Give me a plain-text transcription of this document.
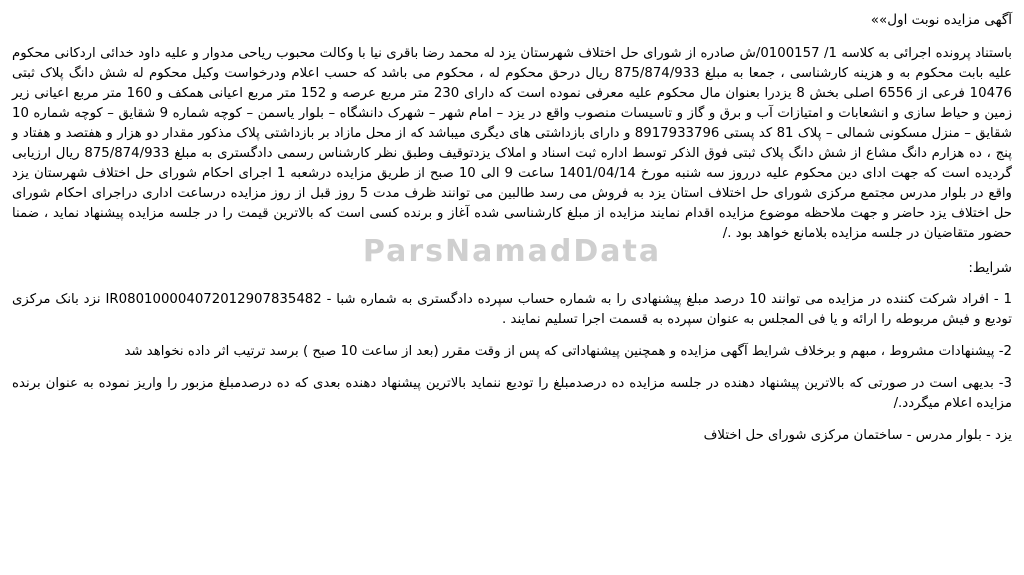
ParsNamadData

آگهی مزایده نوبت اول»»

باستناد پرونده اجرائی به کلاسه 1/ 0100157/ش صادره از شورای حل اختلاف شهرستان یزد له محمد رضا باقری نیا با وکالت محبوب ریاحی مدوار و علیه داود خدائی اردکانی محکوم علیه بابت محکوم به و هزینه کارشناسی ، جمعا به مبلغ 875/874/933 ریال درحق محکوم له ، محکوم می باشد که حسب اعلام ودرخواست وکیل محکوم له شش دانگ پلاک ثبتی 10476 فرعی از 6556 اصلی بخش 8 یزدرا بعنوان مال محکوم علیه معرفی نموده است که دارای 230 متر مربع عرصه و 152 متر مربع اعیانی همکف و 160 متر مربع اعیانی زیر زمین و حیاط سازی و انشعابات و امتیازات آب و برق و گاز و تاسیسات منصوب واقع در یزد – امام شهر – شهرک دانشگاه – بلوار یاسمن – کوچه شماره 9 شقایق – کوچه شماره 10 شقایق – منزل مسکونی شمالی – پلاک 81 کد پستی 8917933796 و دارای بازداشتی های دیگری میباشد که از محل مازاد بر بازداشتی پلاک مذکور مقدار دو هزار و هفتصد و هفتاد و پنج ، ده هزارم دانگ مشاع از شش دانگ پلاک ثبتی فوق الذکر توسط اداره ثبت اسناد و املاک یزدتوقیف وطبق نظر کارشناس رسمی دادگستری به مبلغ 875/874/933 ریال ارزیابی گردیده است که جهت ادای دین محکوم علیه درروز سه شنبه مورخ 1401/04/14 ساعت 9 الی 10 صبح از طریق مزایده درشعبه 1 اجرای احکام شورای حل اختلاف شهرستان یزد واقع در بلوار مدرس مجتمع مرکزی شورای حل اختلاف استان یزد به فروش می رسد طالبین می توانند ظرف مدت 5 روز قبل از روز مزایده درساعت اداری دراجرای احکام شورای حل اختلاف یزد حاضر و جهت ملاحظه موضوع مزایده اقدام نمایند مزایده از مبلغ کارشناسی شده آغاز و برنده کسی است که بالاترین قیمت را در جلسه مزایده پیشنهاد نماید ، ضمنا حضور متقاضیان در جلسه مزایده بلامانع خواهد بود ./

شرایط:

1 - افراد شرکت کننده در مزایده می توانند 10 درصد مبلغ پیشنهادی را به شماره حساب سپرده دادگستری به شماره شبا - IR080100004072012907835482 نزد بانک مرکزی تودیع و فیش مربوطه را ارائه و یا فی المجلس به عنوان سپرده به قسمت اجرا تسلیم نمایند .

2- پیشنهادات مشروط ، مبهم و برخلاف شرایط آگهی مزایده و همچنین پیشنهاداتی که پس از وقت مقرر (بعد از ساعت 10 صبح ) برسد ترتیب اثر داده نخواهد شد

3- بدیهی است در صورتی که بالاترین پیشنهاد دهنده در جلسه مزایده ده درصدمبلغ را تودیع ننماید بالاترین پیشنهاد دهنده بعدی که ده درصدمبلغ مزبور را واریز نموده به عنوان برنده مزایده اعلام میگردد./

یزد - بلوار مدرس - ساختمان مرکزی شورای حل اختلاف
